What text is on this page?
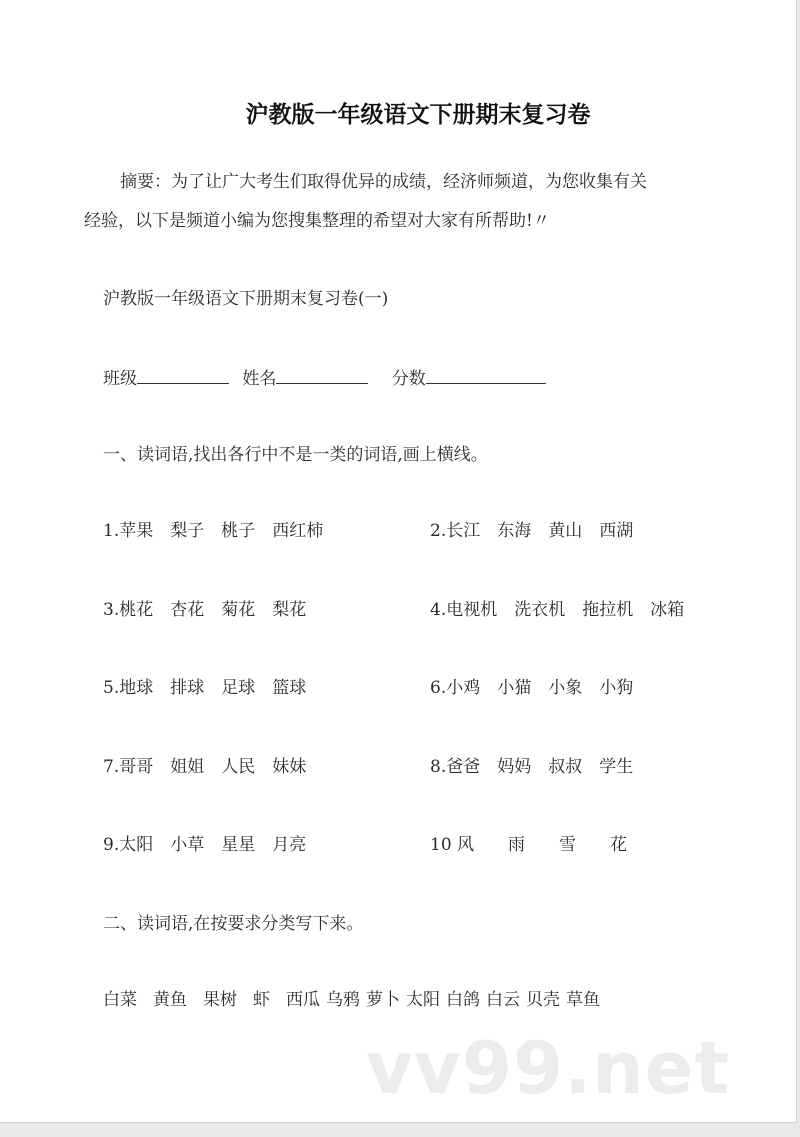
沪教版一年级语文下册期末复习卷
摘要：为了让广大考生们取得优异的成绩，经济师频道，为您收集有关
经验，以下是频道小编为您搜集整理的希望对大家有所帮助!〃
沪教版一年级语文下册期末复习卷(一)
班级	姓名	分数
一、读词语,找出各行中不是一类的词语,画上横线。
1.苹果 梨子 桃子 西红柿	2.长江 东海 黄山 西湖
3.桃花 杏花 菊花 梨花	4.电视机 洗衣机 拖拉机 冰箱
5.地球 排球 足球 篮球	6.小鸡 小猫 小象 小狗
7.哥哥 姐姐 人民 妹妹	8.爸爸 妈妈 叔叔 学生
9.太阳 小草 星星 月亮	10 风 雨 雪 花
二、读词语,在按要求分类写下来。
白菜 黄鱼 果树 虾 西瓜 乌鸦 萝卜 太阳 白鸽 白云 贝壳 草鱼
vv99.net
